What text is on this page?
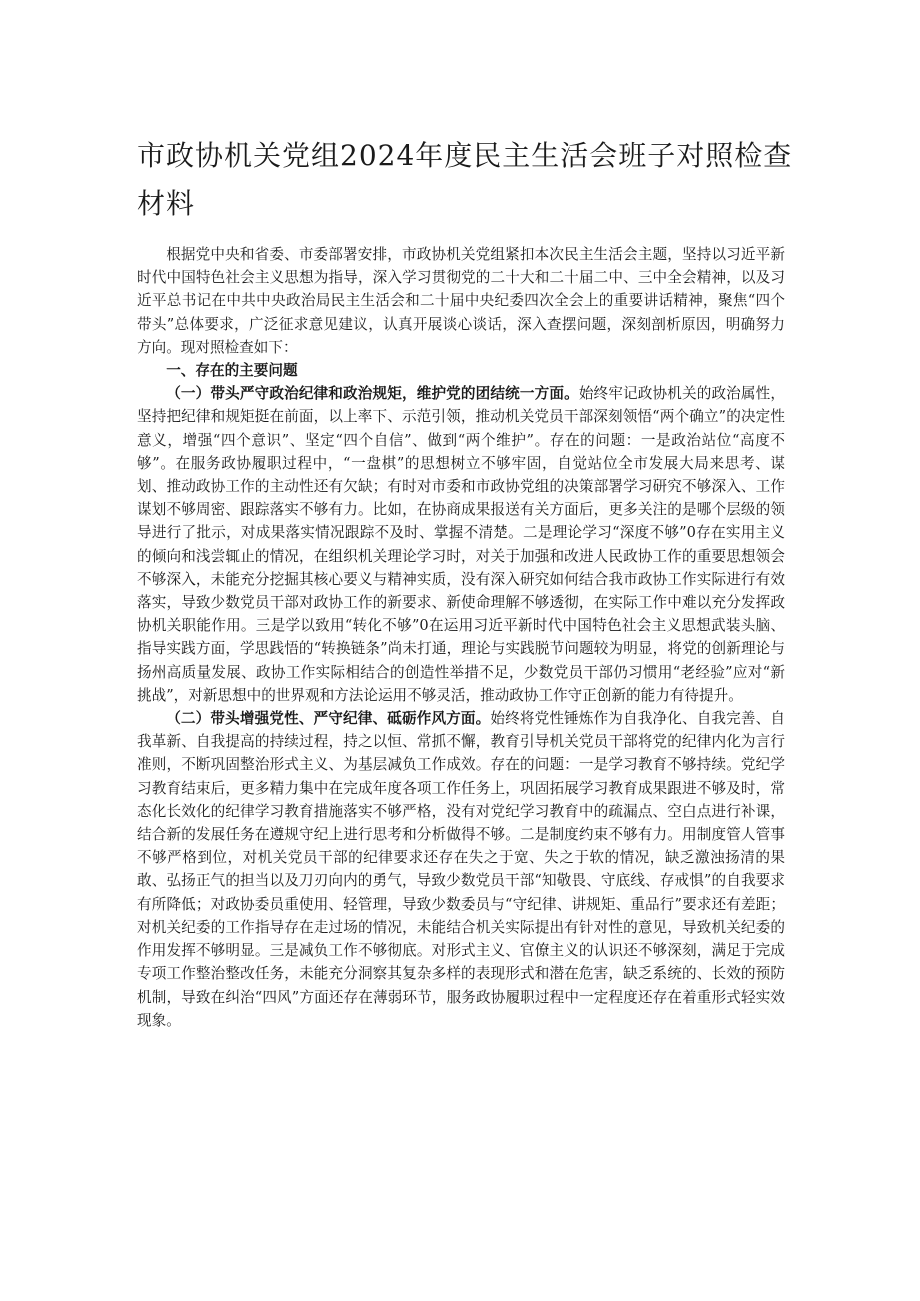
市政协机关党组2024年度民主生活会班子对照检查材料

根据党中央和省委、市委部署安排，市政协机关党组紧扣本次民主生活会主题，坚持以习近平新时代中国特色社会主义思想为指导，深入学习贯彻党的二十大和二十届二中、三中全会精神，以及习近平总书记在中共中央政治局民主生活会和二十届中央纪委四次全会上的重要讲话精神，聚焦“四个带头”总体要求，广泛征求意见建议，认真开展谈心谈话，深入查摆问题，深刻剖析原因，明确努力方向。现对照检查如下：

一、存在的主要问题

（一）带头严守政治纪律和政治规矩，维护党的团结统一方面。始终牢记政协机关的政治属性，坚持把纪律和规矩挺在前面，以上率下、示范引领，推动机关党员干部深刻领悟“两个确立”的决定性意义，增强“四个意识”、坚定“四个自信”、做到“两个维护”。存在的问题：一是政治站位“高度不够”。在服务政协履职过程中，“一盘棋”的思想树立不够牢固，自觉站位全市发展大局来思考、谋划、推动政协工作的主动性还有欠缺；有时对市委和市政协党组的决策部署学习研究不够深入、工作谋划不够周密、跟踪落实不够有力。比如，在协商成果报送有关方面后，更多关注的是哪个层级的领导进行了批示，对成果落实情况跟踪不及时、掌握不清楚。二是理论学习“深度不够”0存在实用主义的倾向和浅尝辄止的情况，在组织机关理论学习时，对关于加强和改进人民政协工作的重要思想领会不够深入，未能充分挖掘其核心要义与精神实质，没有深入研究如何结合我市政协工作实际进行有效落实，导致少数党员干部对政协工作的新要求、新使命理解不够透彻，在实际工作中难以充分发挥政协机关职能作用。三是学以致用“转化不够”0在运用习近平新时代中国特色社会主义思想武装头脑、指导实践方面，学思践悟的“转换链条”尚未打通，理论与实践脱节问题较为明显，将党的创新理论与扬州高质量发展、政协工作实际相结合的创造性举措不足，少数党员干部仍习惯用“老经验”应对“新挑战”，对新思想中的世界观和方法论运用不够灵活，推动政协工作守正创新的能力有待提升。

（二）带头增强党性、严守纪律、砥砺作风方面。始终将党性锤炼作为自我净化、自我完善、自我革新、自我提高的持续过程，持之以恒、常抓不懈，教育引导机关党员干部将党的纪律内化为言行准则，不断巩固整治形式主义、为基层减负工作成效。存在的问题：一是学习教育不够持续。党纪学习教育结束后，更多精力集中在完成年度各项工作任务上，巩固拓展学习教育成果跟进不够及时，常态化长效化的纪律学习教育措施落实不够严格，没有对党纪学习教育中的疏漏点、空白点进行补课，结合新的发展任务在遵规守纪上进行思考和分析做得不够。二是制度约束不够有力。用制度管人管事不够严格到位，对机关党员干部的纪律要求还存在失之于宽、失之于软的情况，缺乏激浊扬清的果敢、弘扬正气的担当以及刀刃向内的勇气，导致少数党员干部“知敬畏、守底线、存戒惧”的自我要求有所降低；对政协委员重使用、轻管理，导致少数委员与“守纪律、讲规矩、重品行”要求还有差距；对机关纪委的工作指导存在走过场的情况，未能结合机关实际提出有针对性的意见，导致机关纪委的作用发挥不够明显。三是减负工作不够彻底。对形式主义、官僚主义的认识还不够深刻，满足于完成专项工作整治整改任务，未能充分洞察其复杂多样的表现形式和潜在危害，缺乏系统的、长效的预防机制，导致在纠治“四风”方面还存在薄弱环节，服务政协履职过程中一定程度还存在着重形式轻实效现象。
